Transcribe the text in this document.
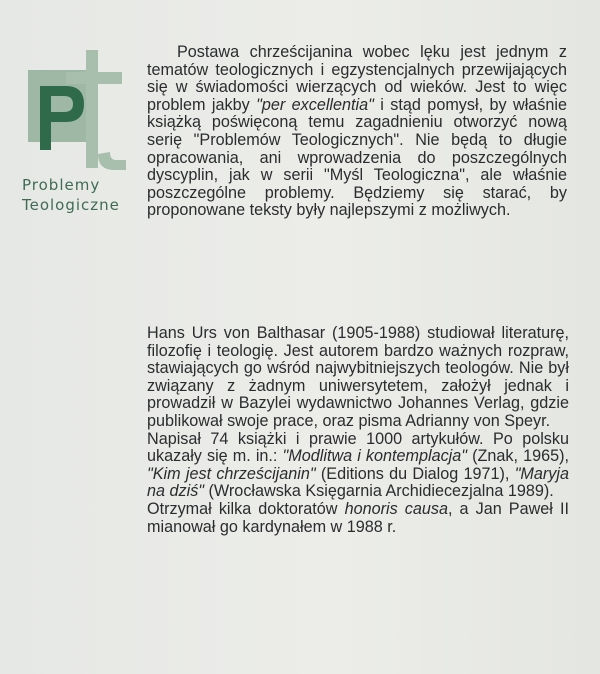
Problemy
Teologiczne

Postawa chrześcijanina wobec lęku jest jednym z tematów teologicznych i egzystencjalnych przewijających się w świadomości wierzących od wieków. Jest to więc problem jakby "per excellentia" i stąd pomysł, by właśnie książką poświęconą temu zagadnieniu otworzyć nową serię "Problemów Teologicznych". Nie będą to długie opracowania, ani wprowadzenia do poszczególnych dyscyplin, jak w serii "Myśl Teologiczna", ale właśnie poszczególne problemy. Będziemy się starać, by proponowane teksty były najlepszymi z możliwych.

Hans Urs von Balthasar (1905-1988) studiował literaturę, filozofię i teologię. Jest autorem bardzo ważnych rozpraw, stawiających go wśród najwybitniejszych teologów. Nie był związany z żadnym uniwersytetem, założył jednak i prowadził w Bazylei wydawnictwo Johannes Verlag, gdzie publikował swoje prace, oraz pisma Adrianny von Speyr.

Napisał 74 książki i prawie 1000 artykułów. Po polsku ukazały się m. in.: "Modlitwa i kontemplacja" (Znak, 1965), "Kim jest chrześcijanin" (Editions du Dialog 1971), "Maryja na dziś" (Wrocławska Księgarnia Archidiecezjalna 1989).

Otrzymał kilka doktoratów honoris causa, a Jan Paweł II mianował go kardynałem w 1988 r.
